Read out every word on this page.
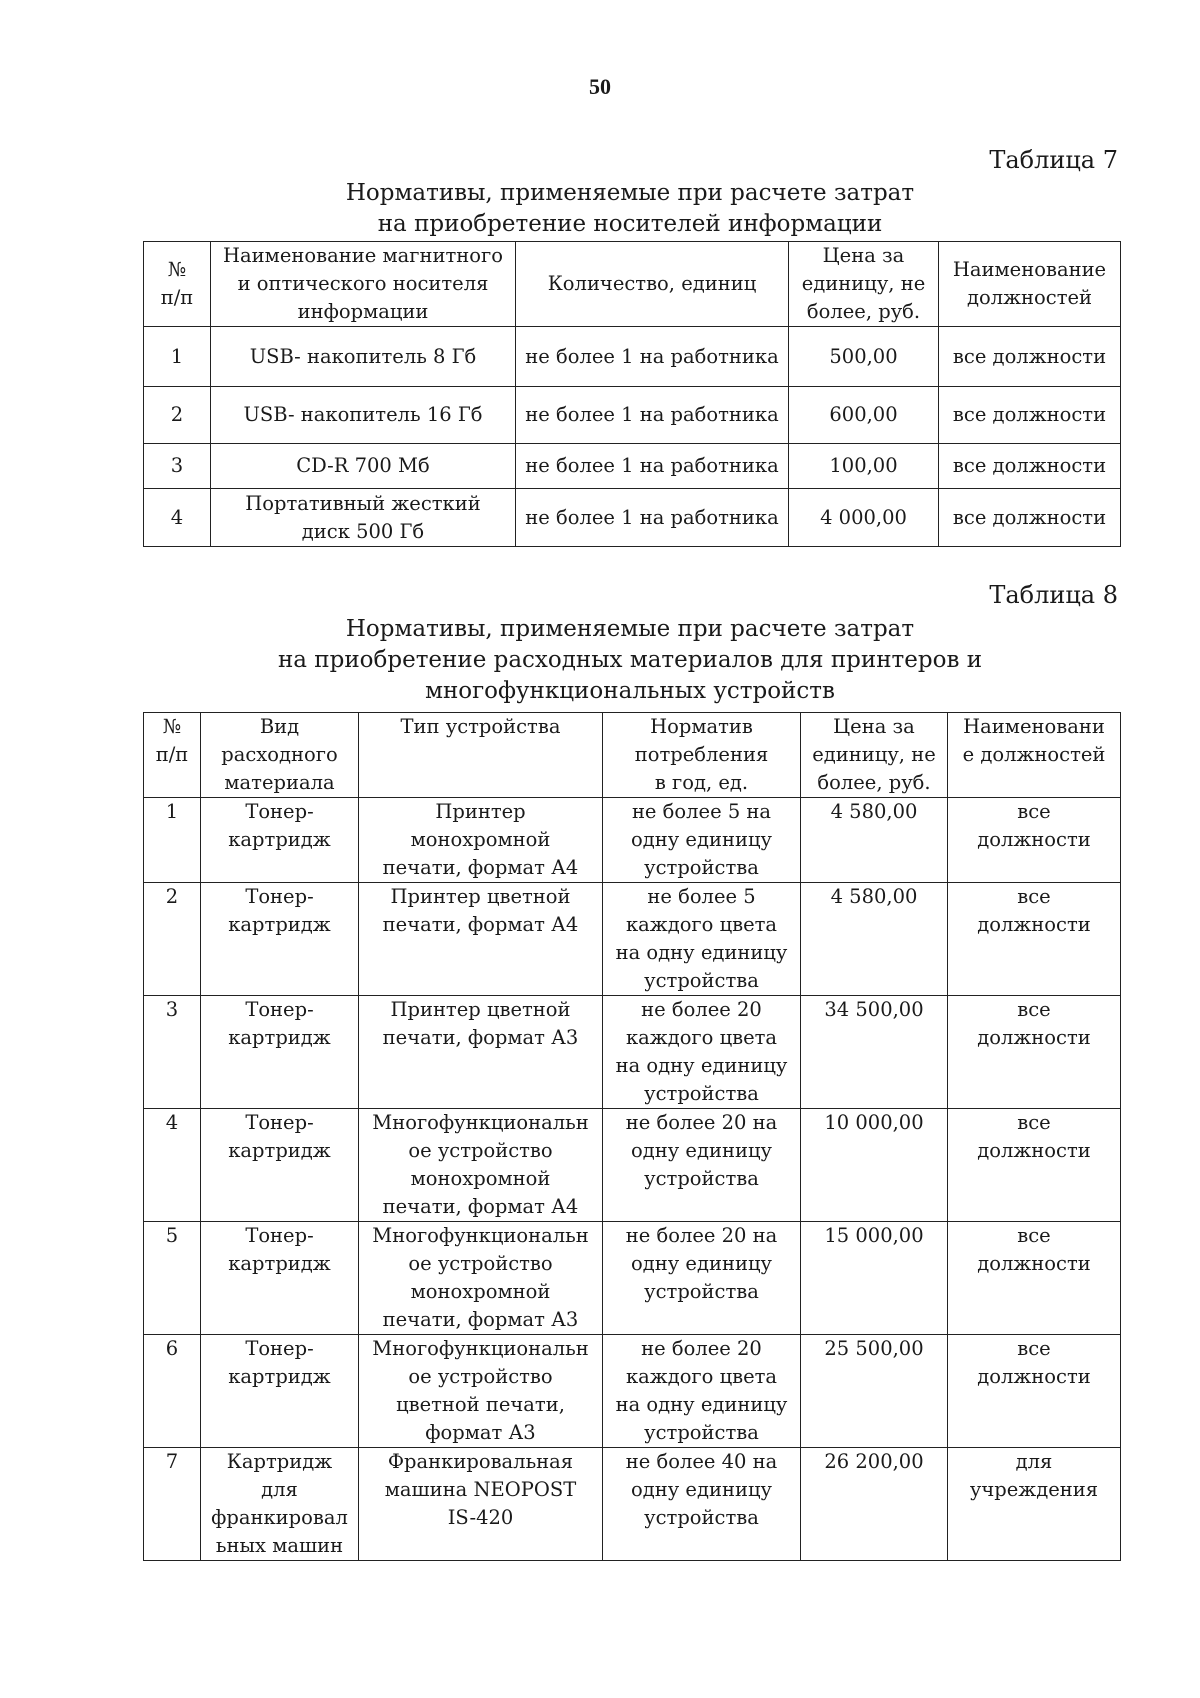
50
Таблица 7
Нормативы, применяемые при расчете затрат
на приобретение носителей информации
№
п/п	Наименование магнитного
и оптического носителя
информации	Количество, единиц	Цена за
единицу, не
более, руб.	Наименование
должностей
1	USB- накопитель 8 Гб	не более 1 на работника	500,00	все должности
2	USB- накопитель 16 Гб	не более 1 на работника	600,00	все должности
3	CD-R 700 Мб	не более 1 на работника	100,00	все должности
4	Портативный жесткий
диск 500 Гб	не более 1 на работника	4 000,00	все должности
Таблица 8
Нормативы, применяемые при расчете затрат
на приобретение расходных материалов для принтеров и
многофункциональных устройств
№
п/п	Вид
расходного
материала	Тип устройства	Норматив
потребления
в год, ед.	Цена за
единицу, не
более, руб.	Наименовани
е должностей
1	Тонер-
картридж	Принтер
монохромной
печати, формат А4	не более 5 на
одну единицу
устройства	4 580,00	все
должности
2	Тонер-
картридж	Принтер цветной
печати, формат А4	не более 5
каждого цвета
на одну единицу
устройства	4 580,00	все
должности
3	Тонер-
картридж	Принтер цветной
печати, формат А3	не более 20
каждого цвета
на одну единицу
устройства	34 500,00	все
должности
4	Тонер-
картридж	Многофункциональн
ое устройство
монохромной
печати, формат А4	не более 20 на
одну единицу
устройства	10 000,00	все
должности
5	Тонер-
картридж	Многофункциональн
ое устройство
монохромной
печати, формат А3	не более 20 на
одну единицу
устройства	15 000,00	все
должности
6	Тонер-
картридж	Многофункциональн
ое устройство
цветной печати,
формат А3	не более 20
каждого цвета
на одну единицу
устройства	25 500,00	все
должности
7	Картридж
для
франкировал
ьных машин	Франкировальная
машина NEOPOST
IS-420	не более 40 на
одну единицу
устройства	26 200,00	для
учреждения
